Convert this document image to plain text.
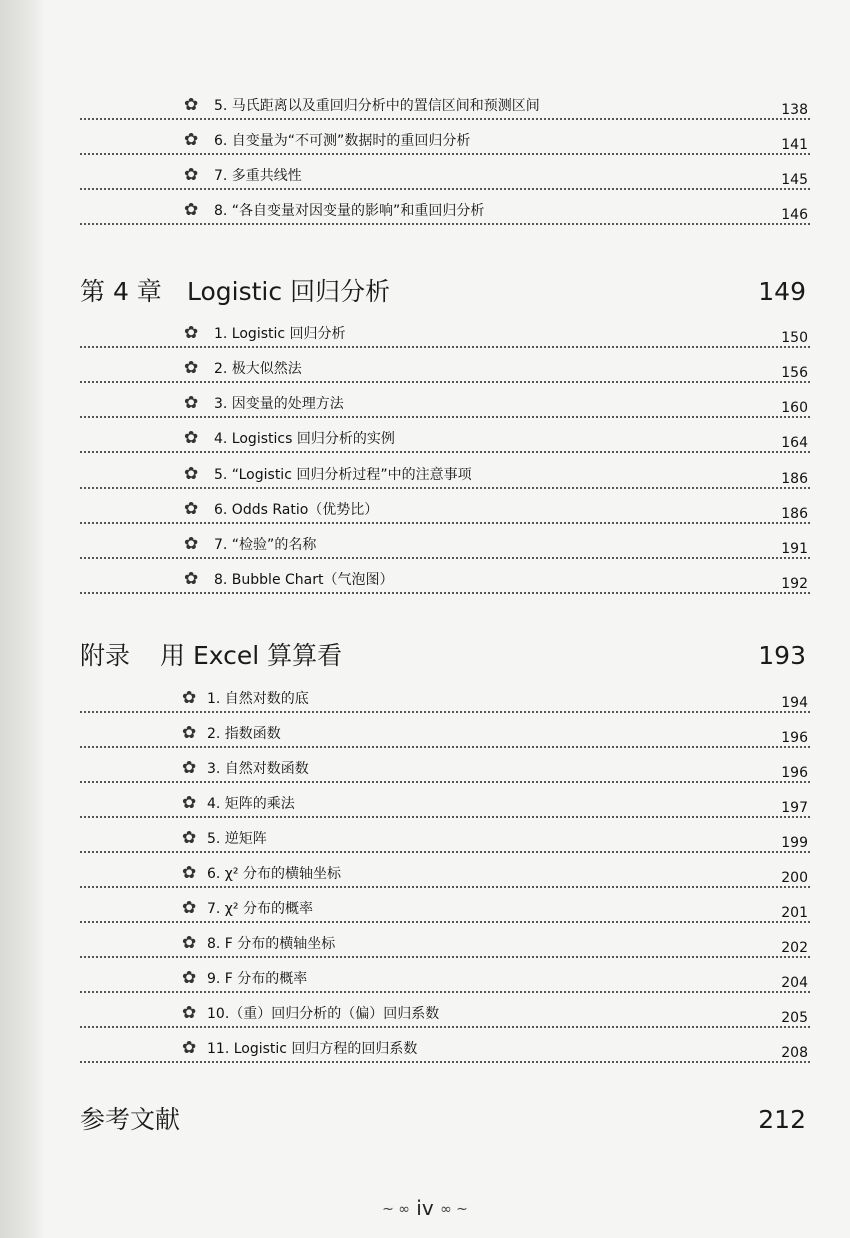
✿ 5. 马氏距离以及重回归分析中的置信区间和预测区间	138
✿ 6. 自变量为“不可测”数据时的重回归分析	141
✿ 7. 多重共线性	145
✿ 8. “各自变量对因变量的影响”和重回归分析	146
第 4 章 Logistic 回归分析	149
✿ 1. Logistic 回归分析	150
✿ 2. 极大似然法	156
✿ 3. 因变量的处理方法	160
✿ 4. Logistics 回归分析的实例	164
✿ 5. “Logistic 回归分析过程”中的注意事项	186
✿ 6. Odds Ratio（优势比）	186
✿ 7. “检验”的名称	191
✿ 8. Bubble Chart（气泡图）	192
附录 用 Excel 算算看	193
✿ 1. 自然对数的底	194
✿ 2. 指数函数	196
✿ 3. 自然对数函数	196
✿ 4. 矩阵的乘法	197
✿ 5. 逆矩阵	199
✿ 6. χ² 分布的横轴坐标	200
✿ 7. χ² 分布的概率	201
✿ 8. F 分布的横轴坐标	202
✿ 9. F 分布的概率	204
✿ 10.（重）回归分析的（偏）回归系数	205
✿ 11. Logistic 回归方程的回归系数	208
参考文献	212
~ ∞ iv ∞ ~
